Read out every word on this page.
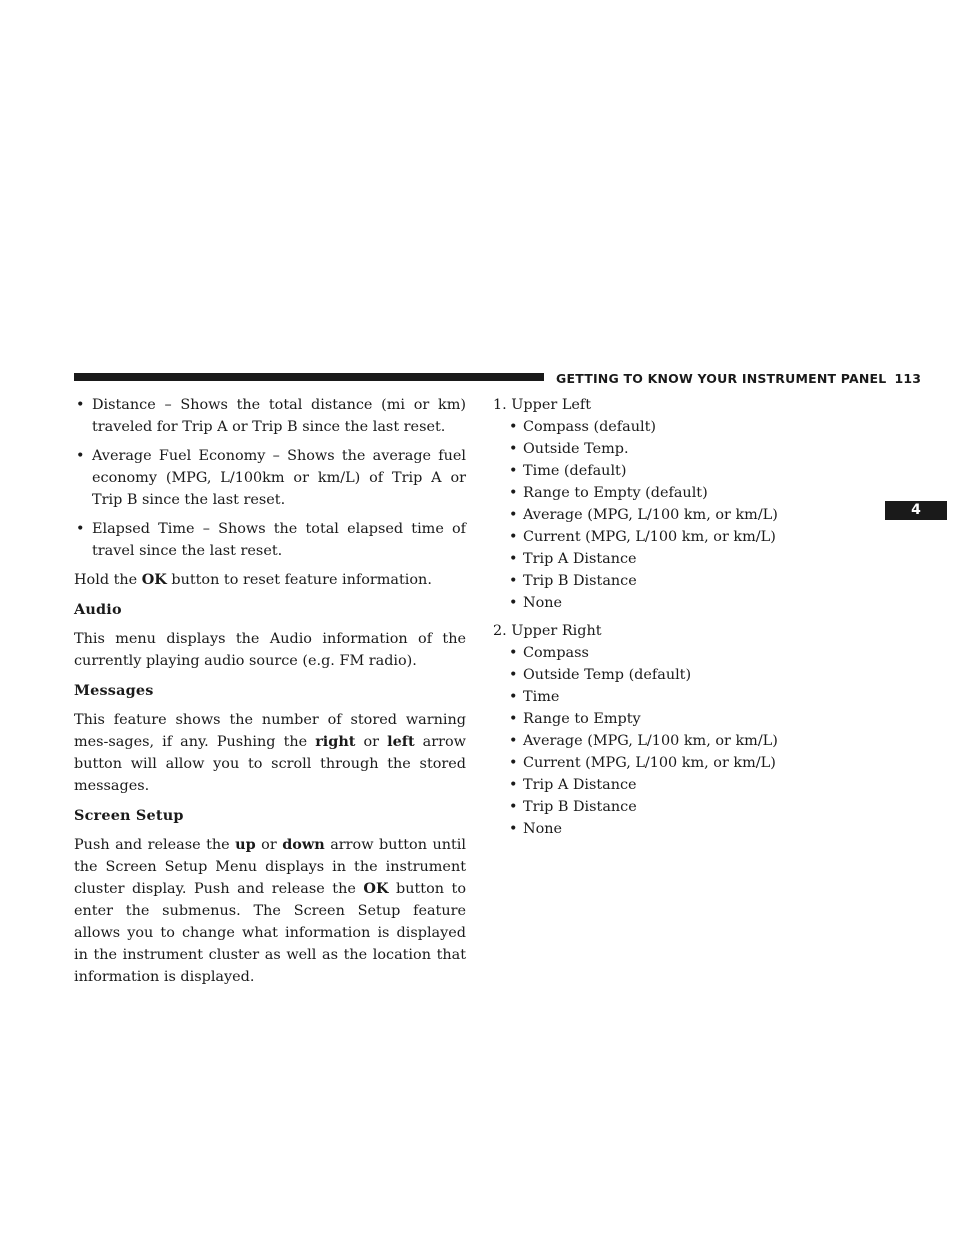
GETTING TO KNOW YOUR INSTRUMENT PANEL 113
4
• Distance – Shows the total distance (mi or km) traveled for Trip A or Trip B since the last reset.
• Average Fuel Economy – Shows the average fuel economy (MPG, L/100km or km/L) of Trip A or Trip B since the last reset.
• Elapsed Time – Shows the total elapsed time of travel since the last reset.

Hold the OK button to reset feature information.

Audio

This menu displays the Audio information of the currently playing audio source (e.g. FM radio).

Messages

This feature shows the number of stored warning mes-sages, if any. Pushing the right or left arrow button will allow you to scroll through the stored messages.

Screen Setup

Push and release the up or down arrow button until the Screen Setup Menu displays in the instrument cluster display. Push and release the OK button to enter the submenus. The Screen Setup feature allows you to change what information is displayed in the instrument cluster as well as the location that information is displayed.

1. Upper Left

• Compass (default)
• Outside Temp.
• Time (default)
• Range to Empty (default)
• Average (MPG, L/100 km, or km/L)
• Current (MPG, L/100 km, or km/L)
• Trip A Distance
• Trip B Distance
• None

2. Upper Right

• Compass
• Outside Temp (default)
• Time
• Range to Empty
• Average (MPG, L/100 km, or km/L)
• Current (MPG, L/100 km, or km/L)
• Trip A Distance
• Trip B Distance
• None
